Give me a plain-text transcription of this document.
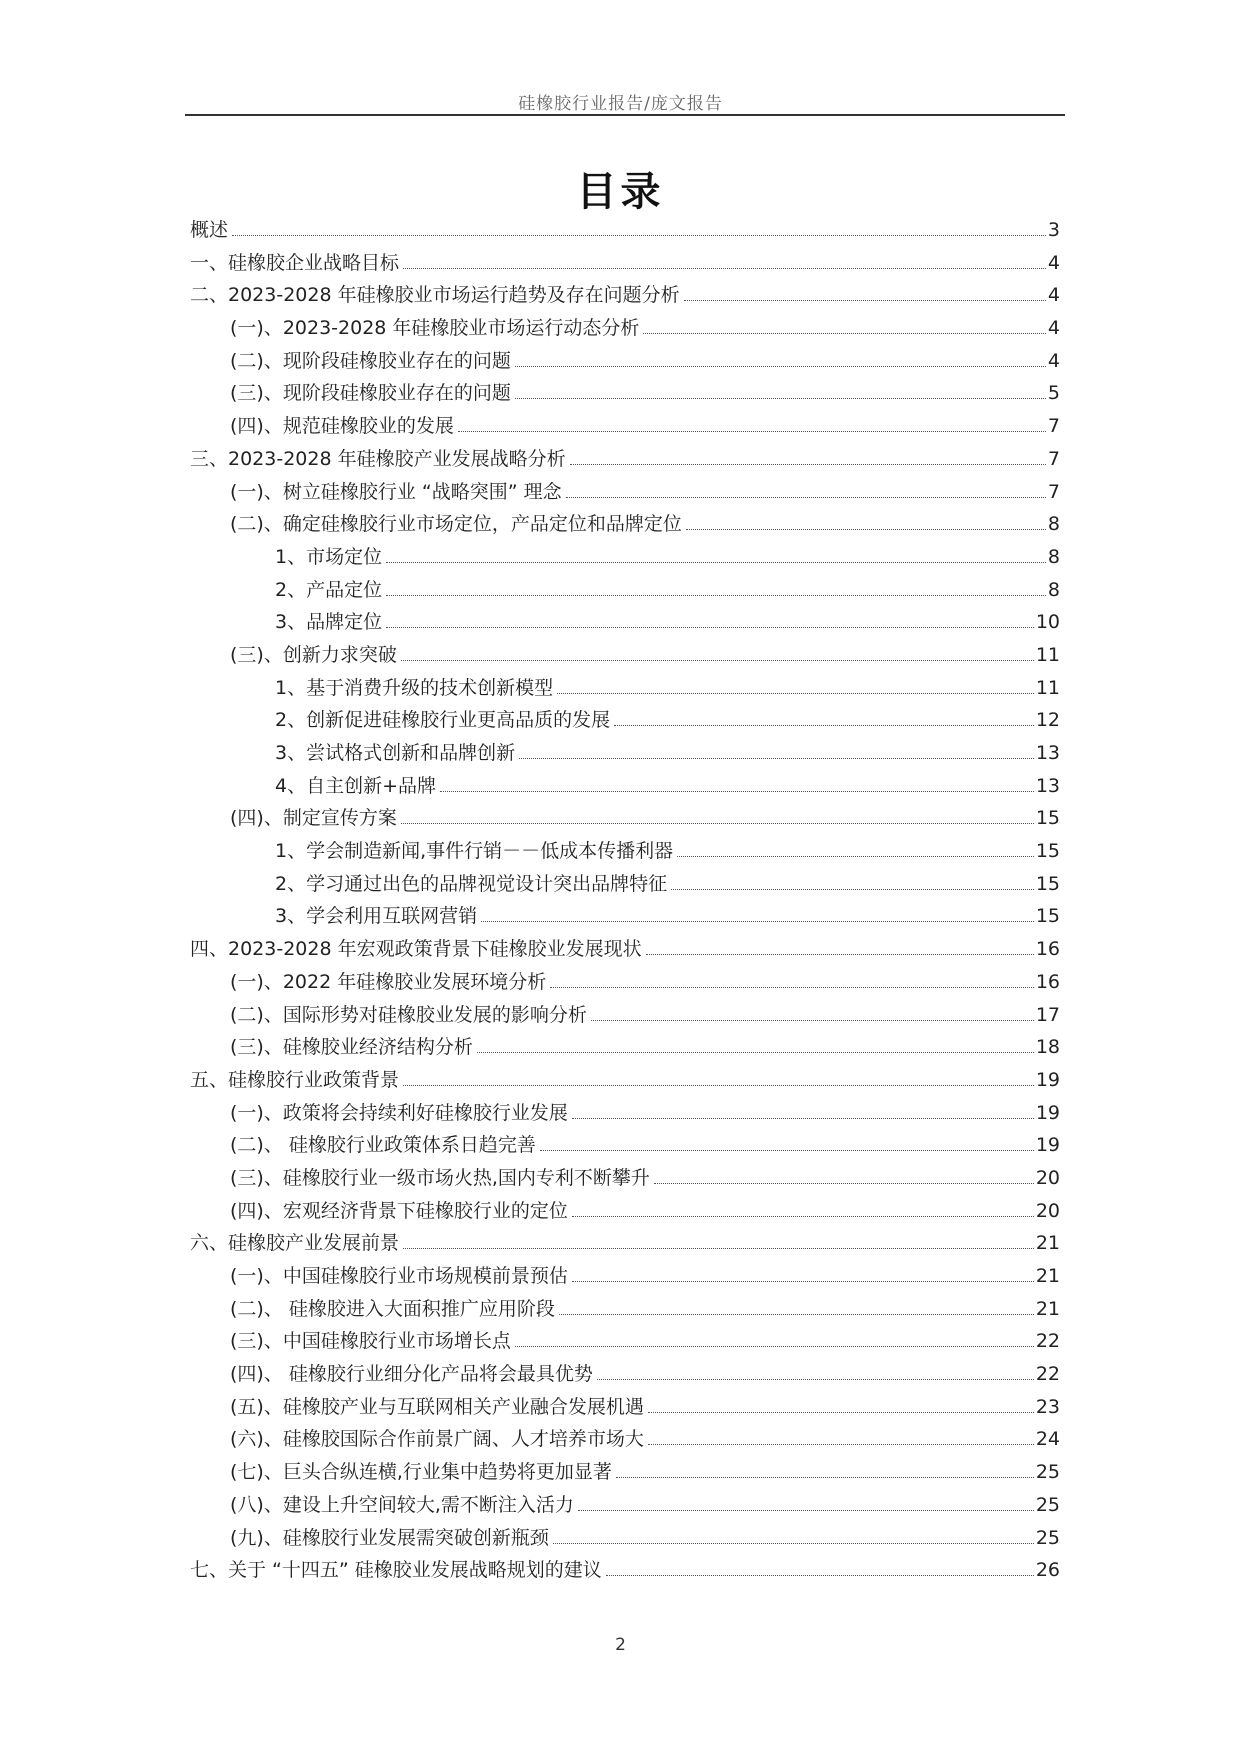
硅橡胶行业报告/庞文报告
目录
概述	3
一、硅橡胶企业战略目标	4
二、2023-2028 年硅橡胶业市场运行趋势及存在问题分析	4
(一)、2023-2028 年硅橡胶业市场运行动态分析	4
(二)、现阶段硅橡胶业存在的问题	4
(三)、现阶段硅橡胶业存在的问题	5
(四)、规范硅橡胶业的发展	7
三、2023-2028 年硅橡胶产业发展战略分析	7
(一)、树立硅橡胶行业 “战略突围” 理念	7
(二)、确定硅橡胶行业市场定位，产品定位和品牌定位	8
1、市场定位	8
2、产品定位	8
3、品牌定位	10
(三)、创新力求突破	11
1、基于消费升级的技术创新模型	11
2、创新促进硅橡胶行业更高品质的发展	12
3、尝试格式创新和品牌创新	13
4、自主创新+品牌	13
(四)、制定宣传方案	15
1、学会制造新闻,事件行销－－低成本传播利器	15
2、学习通过出色的品牌视觉设计突出品牌特征	15
3、学会利用互联网营销	15
四、2023-2028 年宏观政策背景下硅橡胶业发展现状	16
(一)、2022 年硅橡胶业发展环境分析	16
(二)、国际形势对硅橡胶业发展的影响分析	17
(三)、硅橡胶业经济结构分析	18
五、硅橡胶行业政策背景	19
(一)、政策将会持续利好硅橡胶行业发展	19
(二)、 硅橡胶行业政策体系日趋完善	19
(三)、硅橡胶行业一级市场火热,国内专利不断攀升	20
(四)、宏观经济背景下硅橡胶行业的定位	20
六、硅橡胶产业发展前景	21
(一)、中国硅橡胶行业市场规模前景预估	21
(二)、 硅橡胶进入大面积推广应用阶段	21
(三)、中国硅橡胶行业市场增长点	22
(四)、 硅橡胶行业细分化产品将会最具优势	22
(五)、硅橡胶产业与互联网相关产业融合发展机遇	23
(六)、硅橡胶国际合作前景广阔、人才培养市场大	24
(七)、巨头合纵连横,行业集中趋势将更加显著	25
(八)、建设上升空间较大,需不断注入活力	25
(九)、硅橡胶行业发展需突破创新瓶颈	25
七、关于 “十四五” 硅橡胶业发展战略规划的建议	26
2
